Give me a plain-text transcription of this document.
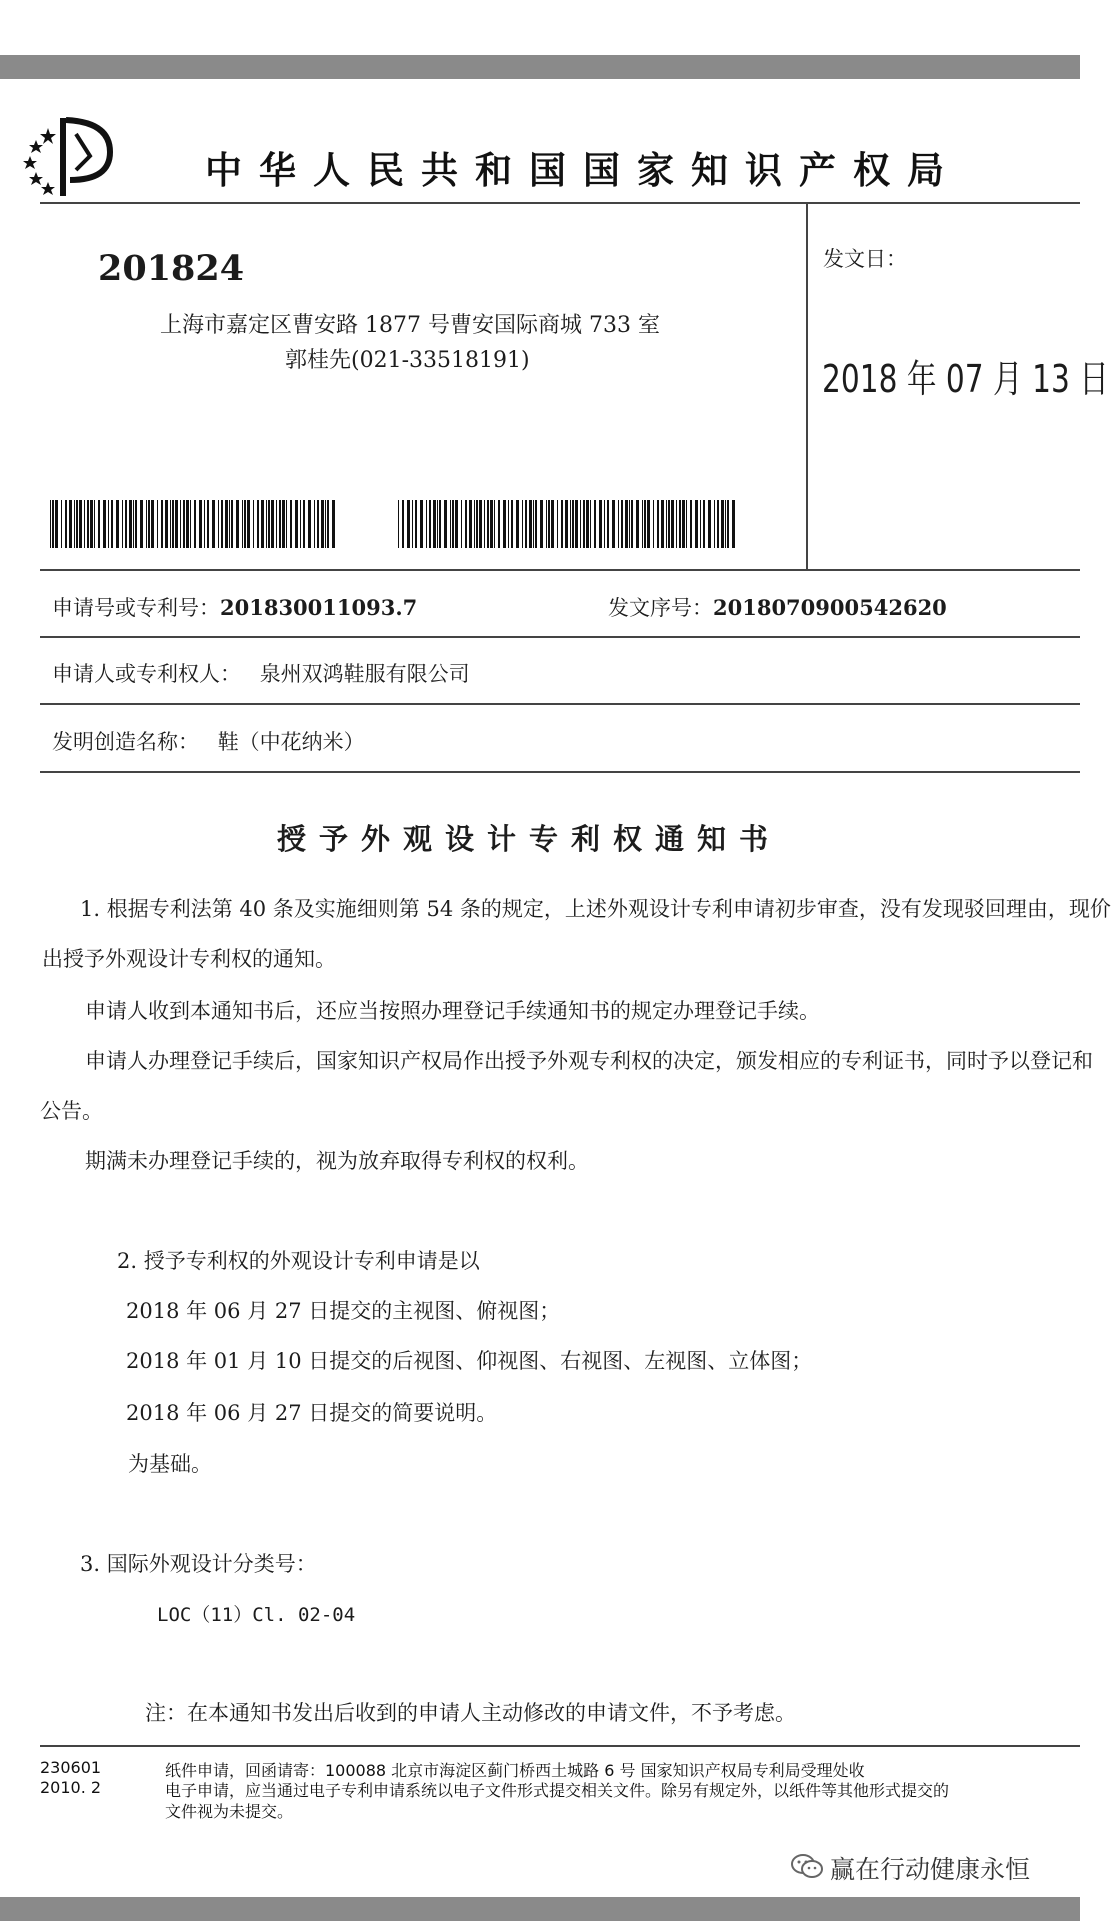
中华人民共和国国家知识产权局
201824
上海市嘉定区曹安路 1877 号曹安国际商城 733 室
郭桂先(021-33518191)
发文日：
2018 年 07 月 13 日
申请号或专利号：201830011093.7	发文序号：2018070900542620
申请人或专利权人： 泉州双鸿鞋服有限公司
发明创造名称： 鞋（中花纳米）
授予外观设计专利权通知书
1. 根据专利法第 40 条及实施细则第 54 条的规定，上述外观设计专利申请初步审查，没有发现驳回理由，现价
出授予外观设计专利权的通知。
申请人收到本通知书后，还应当按照办理登记手续通知书的规定办理登记手续。
申请人办理登记手续后，国家知识产权局作出授予外观专利权的决定，颁发相应的专利证书，同时予以登记和
公告。
期满未办理登记手续的，视为放弃取得专利权的权利。
2. 授予专利权的外观设计专利申请是以
2018 年 06 月 27 日提交的主视图、俯视图；
2018 年 01 月 10 日提交的后视图、仰视图、右视图、左视图、立体图；
2018 年 06 月 27 日提交的简要说明。
为基础。
3. 国际外观设计分类号：
LOC（11）Cl. 02-04
注：在本通知书发出后收到的申请人主动修改的申请文件，不予考虑。
230601
2010. 2
纸件申请，回函请寄：100088 北京市海淀区蓟门桥西土城路 6 号 国家知识产权局专利局受理处收
电子申请，应当通过电子专利申请系统以电子文件形式提交相关文件。除另有规定外，以纸件等其他形式提交的
文件视为未提交。
赢在行动健康永恒
